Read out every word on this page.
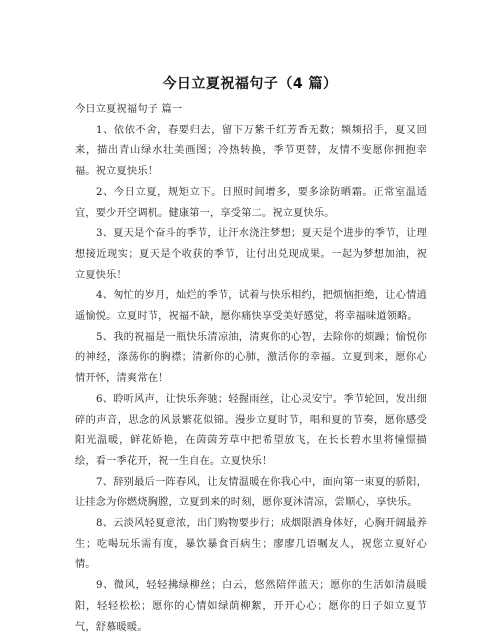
今日立夏祝福句子（4 篇）

今日立夏祝福句子 篇一

1、依依不舍，春要归去，留下万紫千红芳香无数；频频招手，夏又回来，描出青山绿水壮美画图；冷热转换，季节更替，友情不变愿你拥抱幸福。祝立夏快乐！

2、今日立夏，规矩立下。日照时间增多，要多涂防晒霜。正常室温适宜，要少开空调机。健康第一，享受第二。祝立夏快乐。

3、夏天是个奋斗的季节，让汗水浇注梦想；夏天是个进步的季节，让理想接近现实；夏天是个收获的季节，让付出兑现成果。一起为梦想加油，祝立夏快乐！

4、匆忙的岁月，灿烂的季节，试着与快乐相约，把烦恼拒绝，让心情逍遥愉悦。立夏时节，祝福不缺，愿你痛快享受美好感觉，将幸福味道领略。

5、我的祝福是一瓶快乐清凉油，清爽你的心智，去除你的烦躁；愉悦你的神经，涤荡你的胸襟；清新你的心肺，激活你的幸福。立夏到来，愿你心情开怀，清爽常在！

6、聆听风声，让快乐奔驰；轻握雨丝，让心灵安宁。季节轮回，发出细碎的声音，思念的风景繁花似锦。漫步立夏时节，唱和夏的节奏，愿你感受阳光温暖，鲜花娇艳，在茵茵芳草中把希望放飞，在长长碧水里将憧憬描绘，看一季花开，祝一生自在。立夏快乐！

7、辞别最后一阵春风，让友情温暖在你我心中，面向第一束夏的骄阳，让挂念为你燃烧胸膛，立夏到来的时刻，愿你夏沐清凉，尝顺心，享快乐。

8、云淡风轻夏意浓，出门购物要步行；成烟限酒身体好，心胸开阔最养生；吃喝玩乐需有度，暴饮暴食百病生；廖廖几语嘱友人，祝您立夏好心情。

9、微风，轻轻拂绿柳丝；白云，悠然陪伴蓝天；愿你的生活如清晨暖阳，轻轻松松；愿你的心情如绿荫柳絮，开开心心；愿你的日子如立夏节气，舒慕暖暖。
